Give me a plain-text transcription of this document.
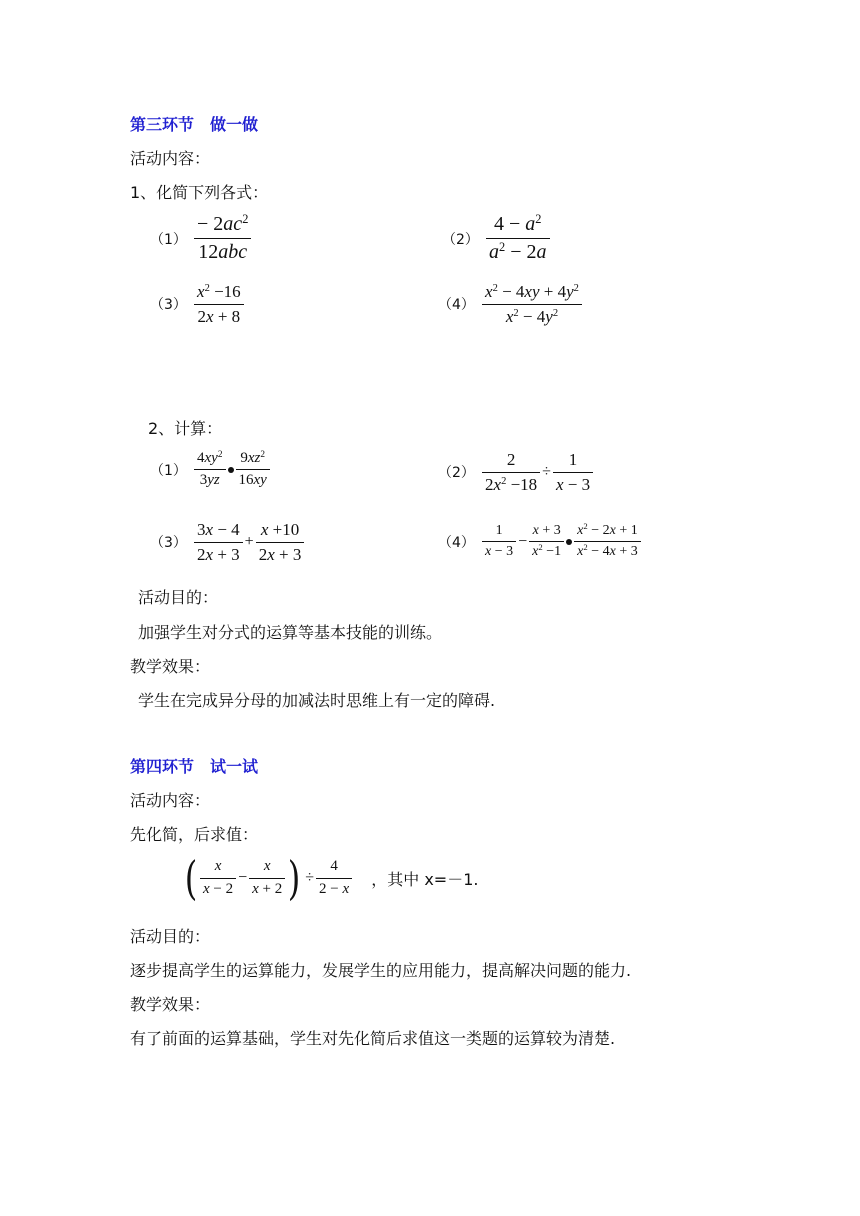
第三环节　做一做
活动内容：
1、化简下列各式：
$(1) \frac{- 2ac^2}{\text{12abc}}$	$(2) \frac{4 - a^2}{a^2 - 2a}$
$(3) \frac{x^2 -16}{2x + 8}$	$(4) \frac{x^2 - 4xy + 4y^2}{x^2 - 4y^2}$
2、计算：
$(1) \frac{4xy^2}{3yz} \frac{9xz^2}{16xy}$	$(2) \frac{2}{2x^2 -18} \div \frac{1}{x - 3}$
$(3) \frac{3x - 4}{2x + 3} + \frac{x +10}{2x + 3}$	$(4) \frac{1}{x - 3} - \frac{x + 3}{x^2 -1} \frac{x^2 - 2x + 1}{x^2 - 4x + 3}$
活动目的：
加强学生对分式的运算等基本技能的训练。
教学效果：
学生在完成异分母的加减法时思维上有一定的障碍.
第四环节　试一试
活动内容：
先化简，后求值：
( $\frac{x}{x - 2} - \frac{x}{x + 2}$ ) ÷ $\frac{4}{2 - x}$ ，其中 x=－1.
活动目的：
逐步提高学生的运算能力，发展学生的应用能力，提高解决问题的能力.
教学效果：
有了前面的运算基础，学生对先化简后求值这一类题的运算较为清楚.
